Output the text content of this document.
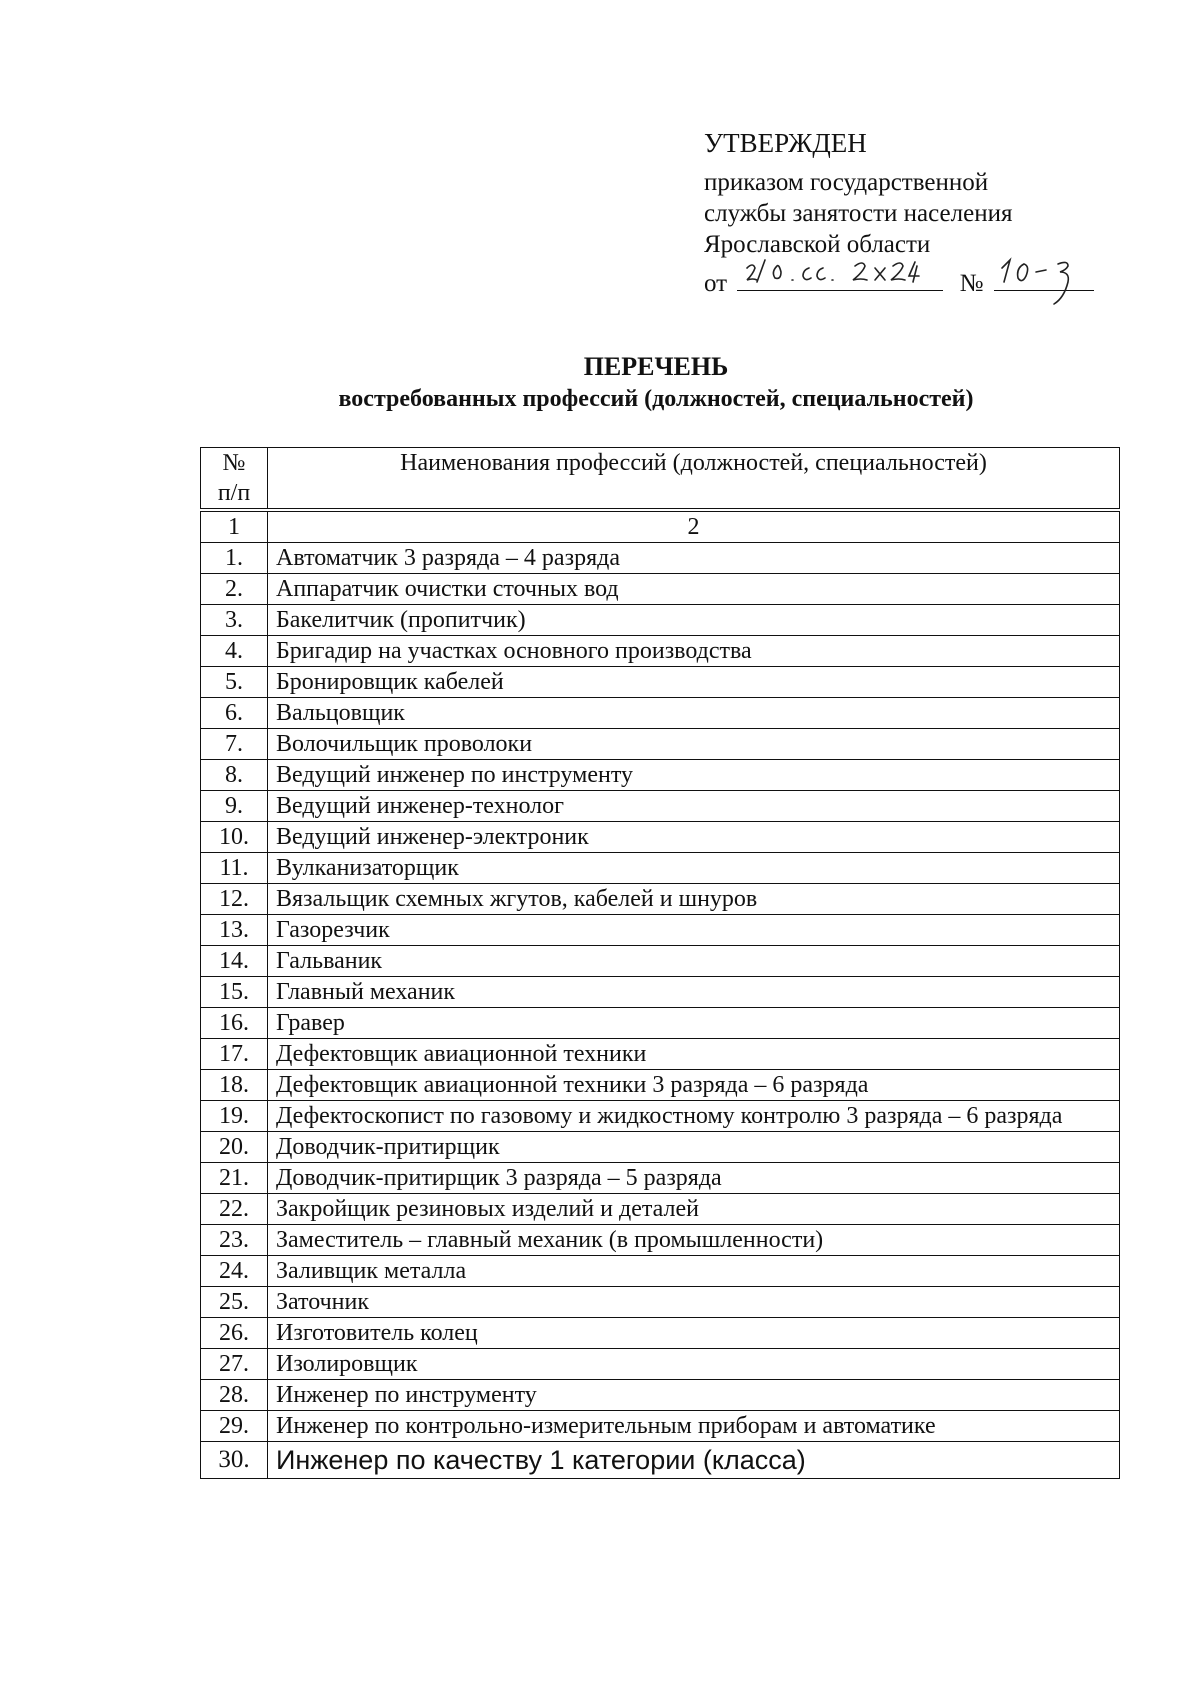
УТВЕРЖДЕН
приказом государственной
службы занятости населения
Ярославской области
от	№
ПЕРЕЧЕНЬ
востребованных профессий (должностей, специальностей)
№
п/п	Наименования профессий (должностей, специальностей)

1	2
1.	Автоматчик 3 разряда – 4 разряда
2.	Аппаратчик очистки сточных вод
3.	Бакелитчик (пропитчик)
4.	Бригадир на участках основного производства
5.	Бронировщик кабелей
6.	Вальцовщик
7.	Волочильщик проволоки
8.	Ведущий инженер по инструменту
9.	Ведущий инженер-технолог
10.	Ведущий инженер-электроник
11.	Вулканизаторщик
12.	Вязальщик схемных жгутов, кабелей и шнуров
13.	Газорезчик
14.	Гальваник
15.	Главный механик
16.	Гравер
17.	Дефектовщик авиационной техники
18.	Дефектовщик авиационной техники 3 разряда – 6 разряда
19.	Дефектоскопист по газовому и жидкостному контролю 3 разряда – 6 разряда
20.	Доводчик-притирщик
21.	Доводчик-притирщик 3 разряда – 5 разряда
22.	Закройщик резиновых изделий и деталей
23.	Заместитель – главный механик (в промышленности)
24.	Заливщик металла
25.	Заточник
26.	Изготовитель колец
27.	Изолировщик
28.	Инженер по инструменту
29.	Инженер по контрольно-измерительным приборам и автоматике
30.	Инженер по качеству 1 категории (класса)
